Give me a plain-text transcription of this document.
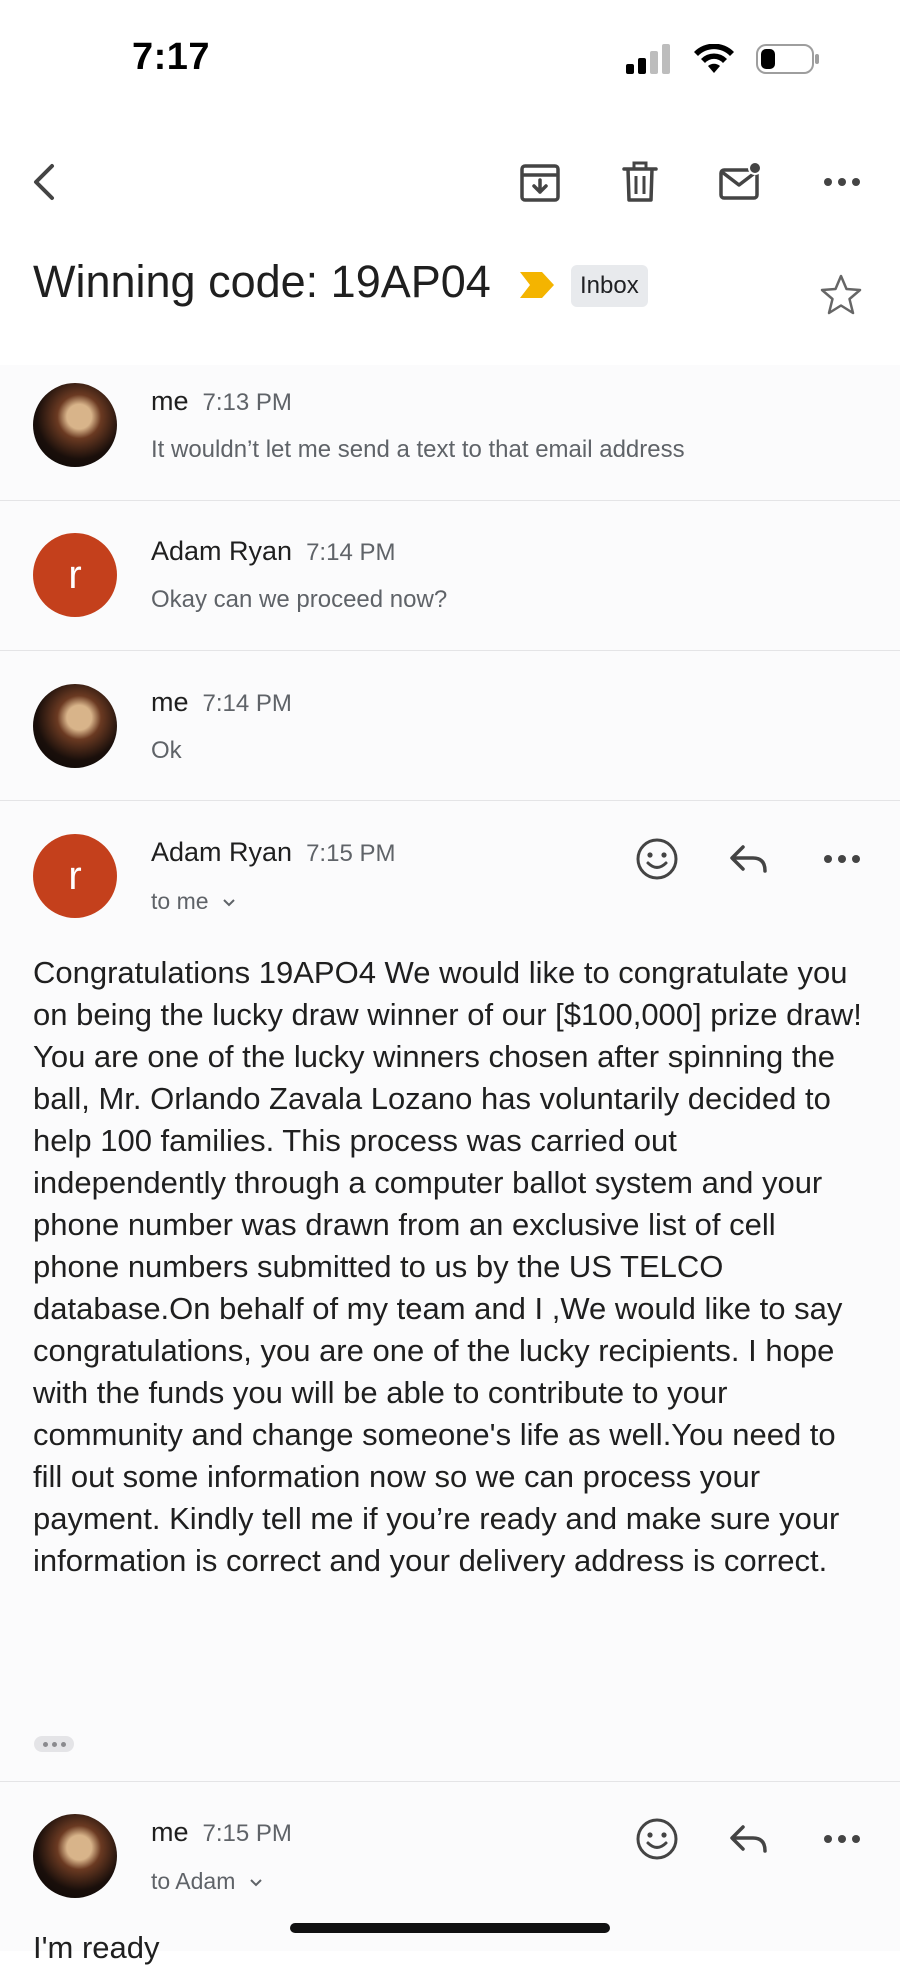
7:17
Winning code: 19AP04	Inbox
me 7:13 PM
It wouldn’t let me send a text to that email address
r
Adam Ryan 7:14 PM
Okay can we proceed now?
me 7:14 PM
Ok
r
Adam Ryan 7:15 PM
to me
Congratulations 19APO4 We would like to congratulate you on being the lucky draw winner of our [$100,000] prize draw! You are one of the lucky winners chosen after spinning the ball, Mr. Orlando Zavala Lozano has voluntarily decided to help 100 families. This process was carried out independently through a computer ballot system and your phone number was drawn from an exclusive list of cell phone numbers submitted to us by the US TELCO database.On behalf of my team and I ,We would like to say congratulations, you are one of the lucky recipients. I hope with the funds you will be able to contribute to your community and change someone's life as well.You need to fill out some information now so we can process your payment. Kindly tell me if you’re ready and make sure your information is correct and your delivery address is correct.
me 7:15 PM
to Adam
I'm ready
